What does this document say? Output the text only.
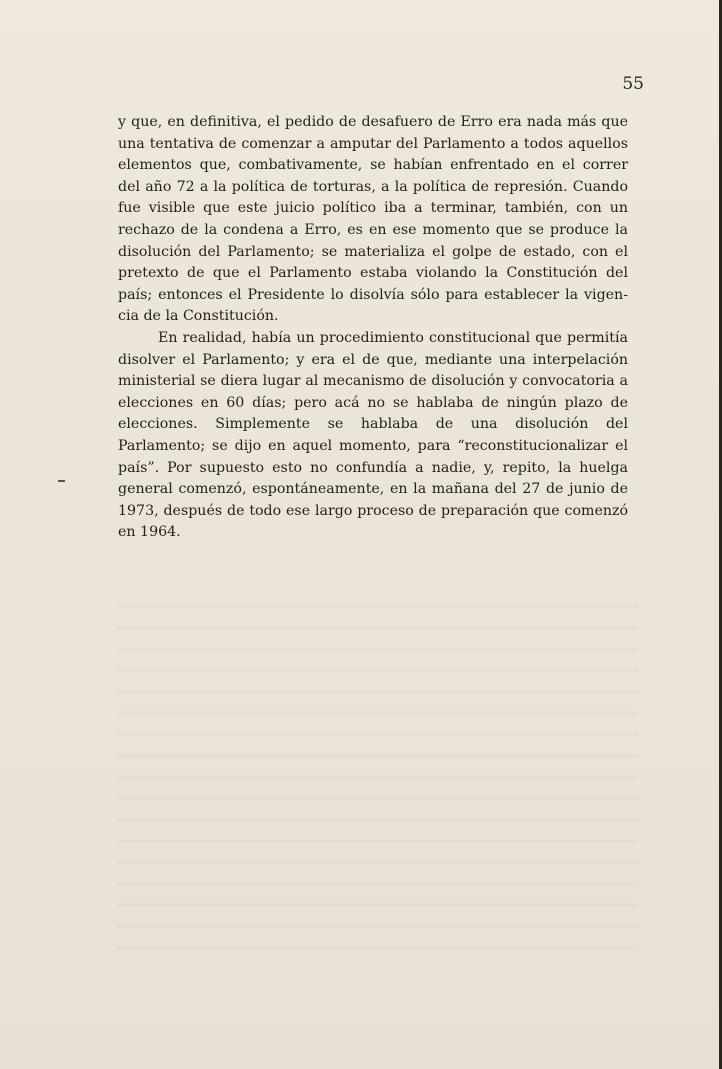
55

y que, en definitiva, el pedido de desafuero de Erro era nada más que una tentativa de comenzar a amputar del Parlamento a todos aquellos elementos que, combativamente, se habían enfrentado en el correr del año 72 a la política de torturas, a la política de represión. Cuando fue visible que este juicio político iba a terminar, también, con un rechazo de la condena a Erro, es en ese momento que se produce la disolución del Parlamento; se materializa el golpe de estado, con el pretexto de que el Parlamento estaba violando la Constitución del país; entonces el Presidente lo disolvía sólo para establecer la vigencia de la Constitución.

En realidad, había un procedimiento constitucional que permitía disolver el Parlamento; y era el de que, mediante una interpelación ministerial se diera lugar al mecanismo de disolución y convocatoria a elecciones en 60 días; pero acá no se hablaba de ningún plazo de elecciones. Simplemente se hablaba de una disolución del Parlamento; se dijo en aquel momento, para “reconstitucionalizar el país”. Por supuesto esto no confundía a nadie, y, repito, la huelga general comenzó, espontáneamente, en la mañana del 27 de junio de 1973, después de todo ese largo proceso de preparación que comenzó en 1964.
